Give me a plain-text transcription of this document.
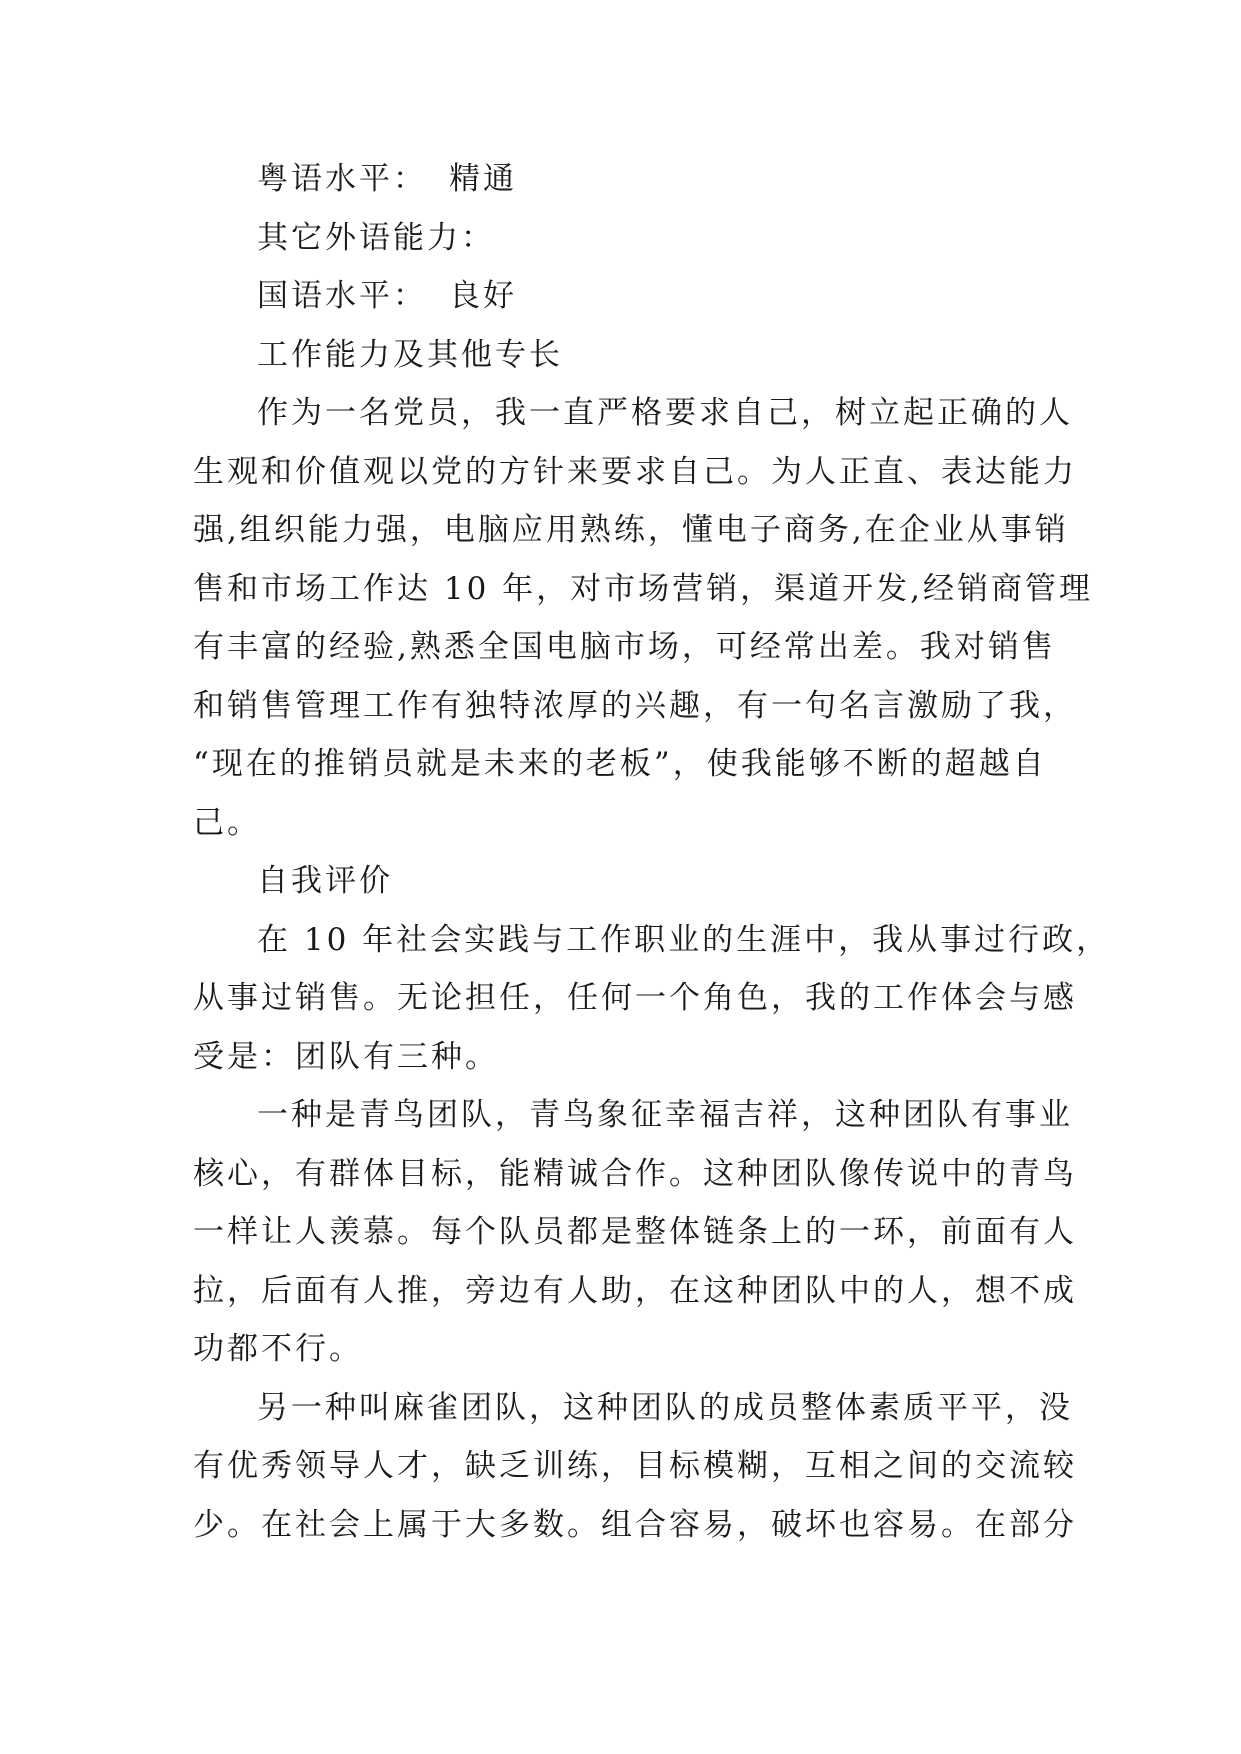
粤语水平： 精通
其它外语能力：
国语水平： 良好
工作能力及其他专长
作为一名党员，我一直严格要求自己，树立起正确的人
生观和价值观以党的方针来要求自己。为人正直、表达能力
强,组织能力强，电脑应用熟练，懂电子商务,在企业从事销
售和市场工作达 10 年，对市场营销，渠道开发,经销商管理
有丰富的经验,熟悉全国电脑市场，可经常出差。我对销售
和销售管理工作有独特浓厚的兴趣，有一句名言激励了我，
“现在的推销员就是未来的老板”，使我能够不断的超越自
己。
自我评价
在 10 年社会实践与工作职业的生涯中，我从事过行政，
从事过销售。无论担任，任何一个角色，我的工作体会与感
受是：团队有三种。
一种是青鸟团队，青鸟象征幸福吉祥，这种团队有事业
核心，有群体目标，能精诚合作。这种团队像传说中的青鸟
一样让人羡慕。每个队员都是整体链条上的一环，前面有人
拉，后面有人推，旁边有人助，在这种团队中的人，想不成
功都不行。
另一种叫麻雀团队，这种团队的成员整体素质平平，没
有优秀领导人才，缺乏训练，目标模糊，互相之间的交流较
少。在社会上属于大多数。组合容易，破坏也容易。在部分
